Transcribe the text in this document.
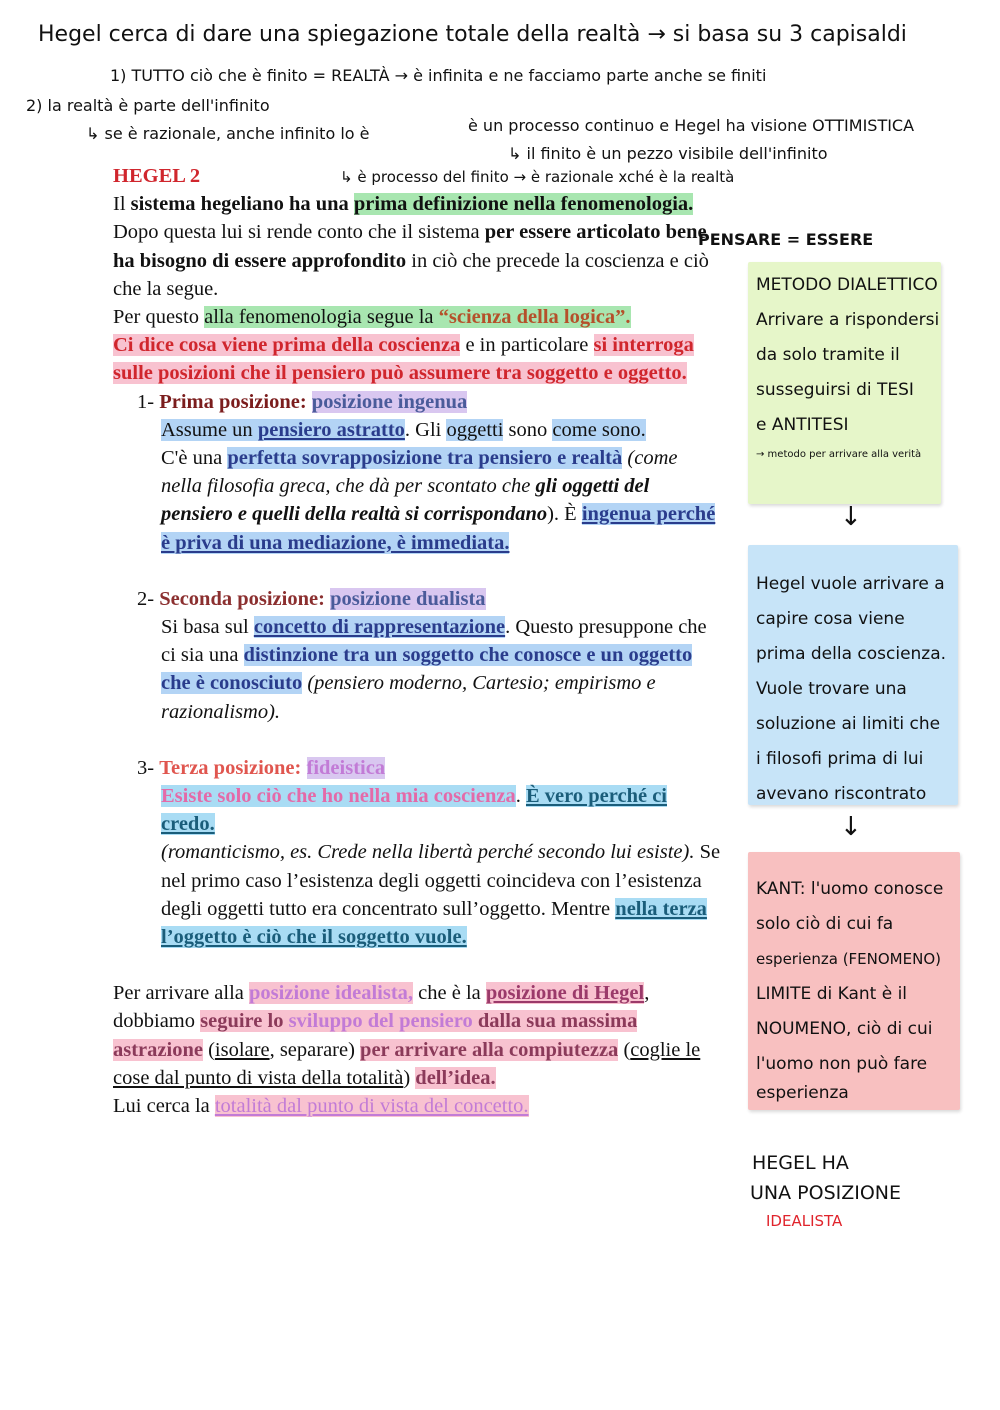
Hegel cerca di dare una spiegazione totale della realtà → si basa su 3 capisaldi
1) TUTTO ciò che è finito = REALTÀ → è infinita e ne facciamo parte anche se finiti
2) la realtà è parte dell'infinito
↳ se è razionale, anche infinito lo è	è un processo continuo e Hegel ha visione OTTIMISTICA
↳ il finito è un pezzo visibile dell'infinito
↳ è processo del finito → è razionale xché è la realtà
PENSARE = ESSERE
METODO DIALETTICO
Arrivare a rispondersi
da solo tramite il
susseguirsi di TESI
e ANTITESI
→ metodo per arrivare alla verità
↓
Hegel vuole arrivare a
capire cosa viene
prima della coscienza.
Vuole trovare una
soluzione ai limiti che
i filosofi prima di lui
avevano riscontrato
↓
KANT: l'uomo conosce
solo ciò di cui fa
esperienza (FENOMENO)
LIMITE di Kant è il
NOUMENO, ciò di cui
l'uomo non può fare
esperienza
HEGEL HA
UNA POSIZIONE
IDEALISTA

HEGEL 2

Il sistema hegeliano ha una prima definizione nella fenomenologia.

Dopo questa lui si rende conto che il sistema per essere articolato bene ha bisogno di essere approfondito in ciò che precede la coscienza e ciò che la segue.

Per questo alla fenomenologia segue la “scienza della logica”.

Ci dice cosa viene prima della coscienza e in particolare si interroga sulle posizioni che il pensiero può assumere tra soggetto e oggetto.

1- Prima posizione: posizione ingenua

Assume un pensiero astratto. Gli oggetti sono come sono.

C'è una perfetta sovrapposizione tra pensiero e realtà (come nella filosofia greca, che dà per scontato che gli oggetti del pensiero e quelli della realtà si corrispondano). È ingenua perché è priva di una mediazione, è immediata.

2- Seconda posizione: posizione dualista

Si basa sul concetto di rappresentazione. Questo presuppone che ci sia una distinzione tra un soggetto che conosce e un oggetto che è conosciuto (pensiero moderno, Cartesio; empirismo e razionalismo).

3- Terza posizione: fideistica

Esiste solo ciò che ho nella mia coscienza. È vero perché ci credo.

(romanticismo, es. Crede nella libertà perché secondo lui esiste). Se nel primo caso l’esistenza degli oggetti coincideva con l’esistenza degli oggetti tutto era concentrato sull’oggetto. Mentre nella terza l’oggetto è ciò che il soggetto vuole.

Per arrivare alla posizione idealista, che è la posizione di Hegel, dobbiamo seguire lo sviluppo del pensiero dalla sua massima astrazione (isolare, separare) per arrivare alla compiutezza (coglie le cose dal punto di vista della totalità) dell’idea.

Lui cerca la totalità dal punto di vista del concetto.
